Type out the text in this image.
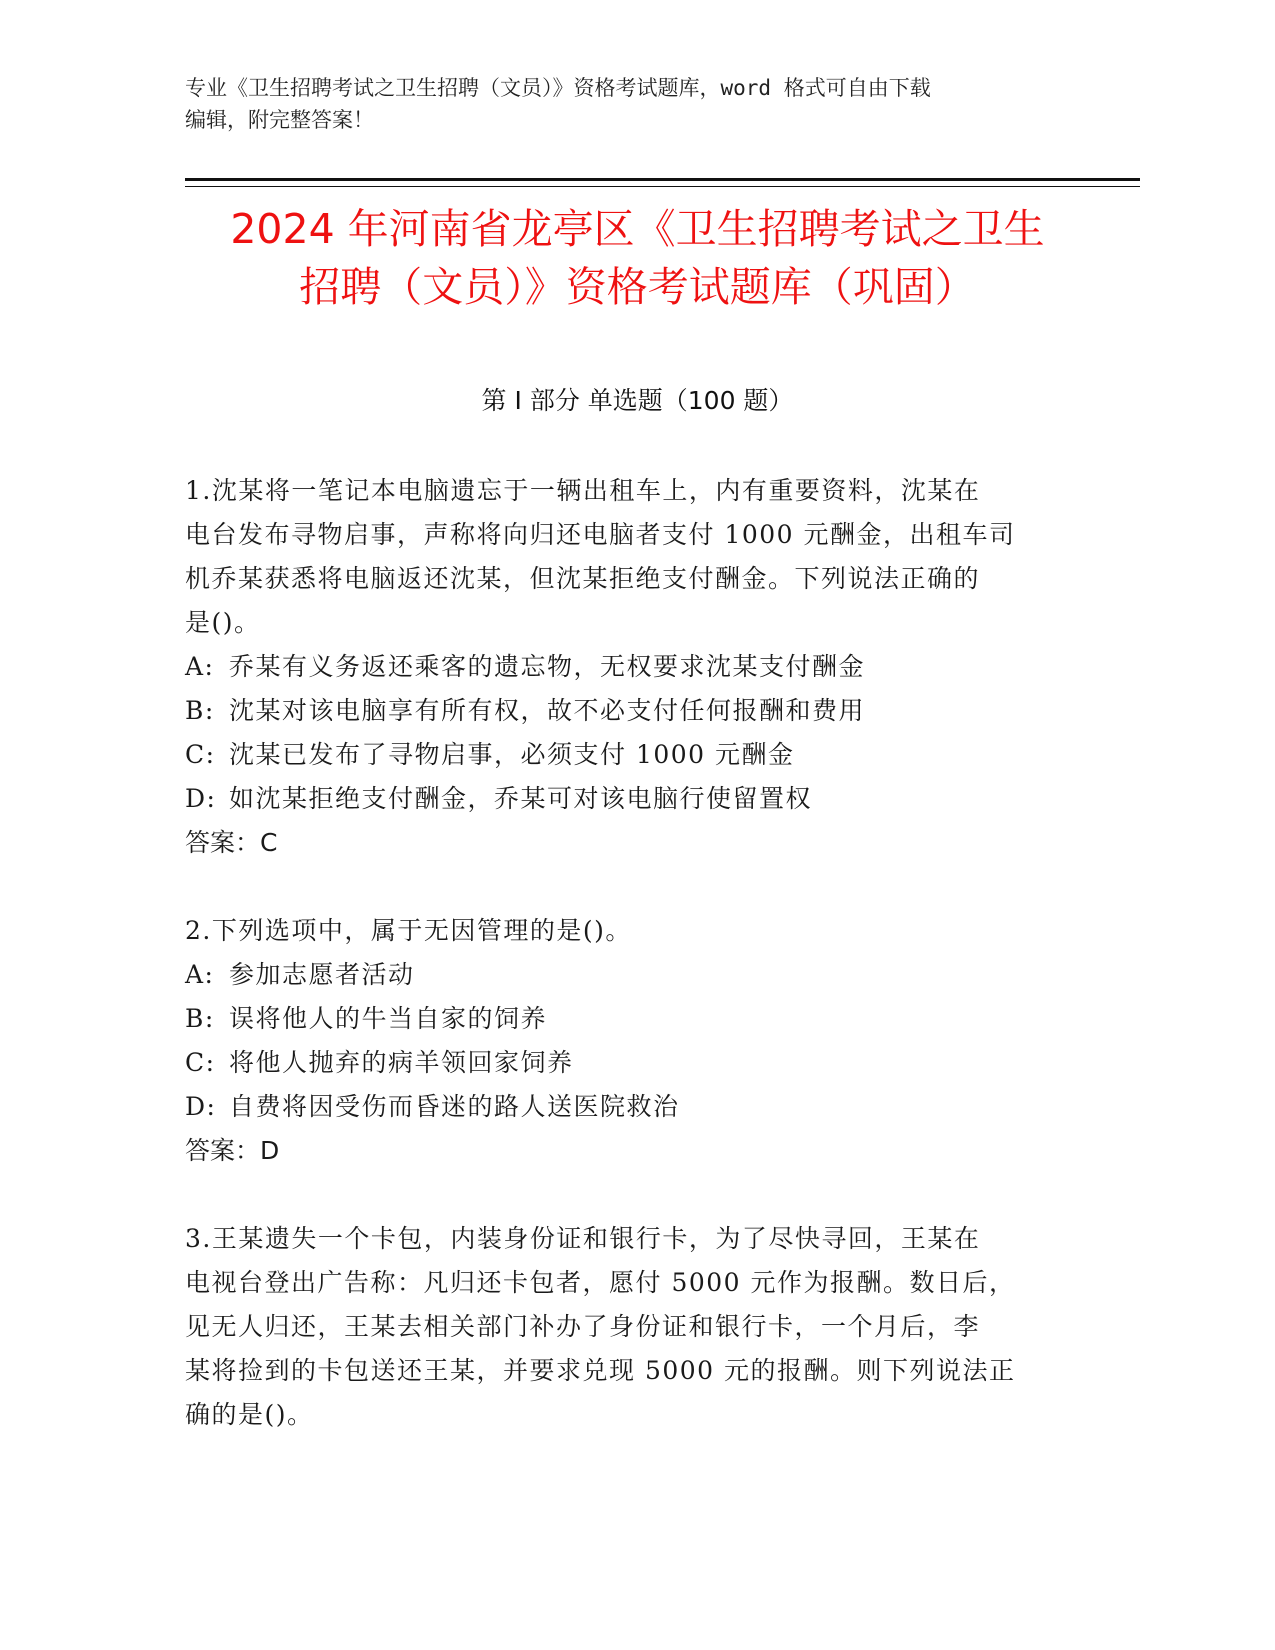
专业《卫生招聘考试之卫生招聘（文员）》资格考试题库，word 格式可自由下载
编辑，附完整答案！
2024 年河南省龙亭区《卫生招聘考试之卫生
招聘（文员）》资格考试题库（巩固）
第 I 部分 单选题（100 题）

1.沈某将一笔记本电脑遗忘于一辆出租车上，内有重要资料，沈某在

电台发布寻物启事，声称将向归还电脑者支付 1000 元酬金，出租车司

机乔某获悉将电脑返还沈某，但沈某拒绝支付酬金。下列说法正确的

是()。

A: 乔某有义务返还乘客的遗忘物，无权要求沈某支付酬金

B: 沈某对该电脑享有所有权，故不必支付任何报酬和费用

C: 沈某已发布了寻物启事，必须支付 1000 元酬金

D: 如沈某拒绝支付酬金，乔某可对该电脑行使留置权

答案：C

2.下列选项中，属于无因管理的是()。

A: 参加志愿者活动

B: 误将他人的牛当自家的饲养

C: 将他人抛弃的病羊领回家饲养

D: 自费将因受伤而昏迷的路人送医院救治

答案：D

3.王某遗失一个卡包，内装身份证和银行卡，为了尽快寻回，王某在

电视台登出广告称：凡归还卡包者，愿付 5000 元作为报酬。数日后，

见无人归还，王某去相关部门补办了身份证和银行卡，一个月后，李

某将捡到的卡包送还王某，并要求兑现 5000 元的报酬。则下列说法正

确的是()。
